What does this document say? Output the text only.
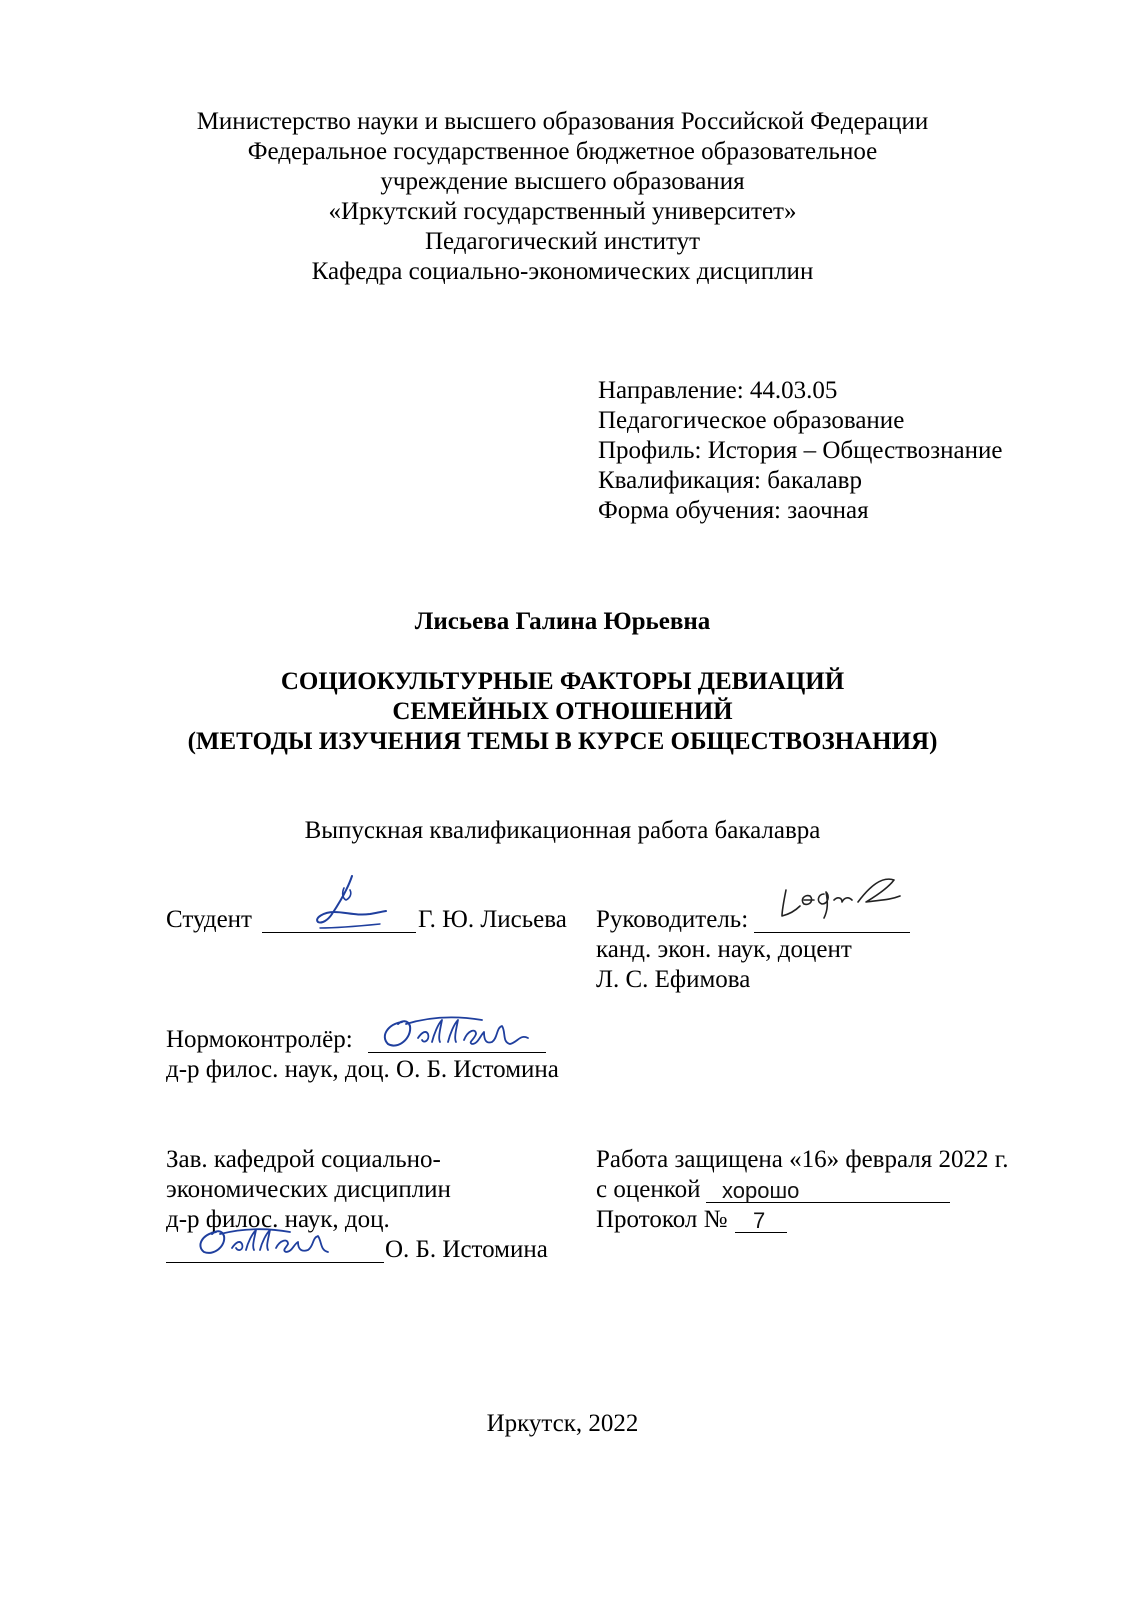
Министерство науки и высшего образования Российской Федерации
Федеральное государственное бюджетное образовательное
учреждение высшего образования
«Иркутский государственный университет»
Педагогический институт
Кафедра социально-экономических дисциплин
Направление: 44.03.05
Педагогическое образование
Профиль: История – Обществознание
Квалификация: бакалавр
Форма обучения: заочная
Лисьева Галина Юрьевна
СОЦИОКУЛЬТУРНЫЕ ФАКТОРЫ ДЕВИАЦИЙ
СЕМЕЙНЫХ ОТНОШЕНИЙ
(МЕТОДЫ ИЗУЧЕНИЯ ТЕМЫ В КУРСЕ ОБЩЕСТВОЗНАНИЯ)
Выпускная квалификационная работа бакалавра
Студент	Г. Ю. Лисьева Руководитель:
канд. экон. наук, доцент
Л. С. Ефимова
Нормоконтролёр:
д-р филос. наук, доц. О. Б. Истомина
Зав. кафедрой социально-
экономических дисциплин
д-р филос. наук, доц.
О. Б. Истомина
Работа защищена «16» февраля 2022 г.
с оценкой хорошо
Протокол № 7
Иркутск, 2022
